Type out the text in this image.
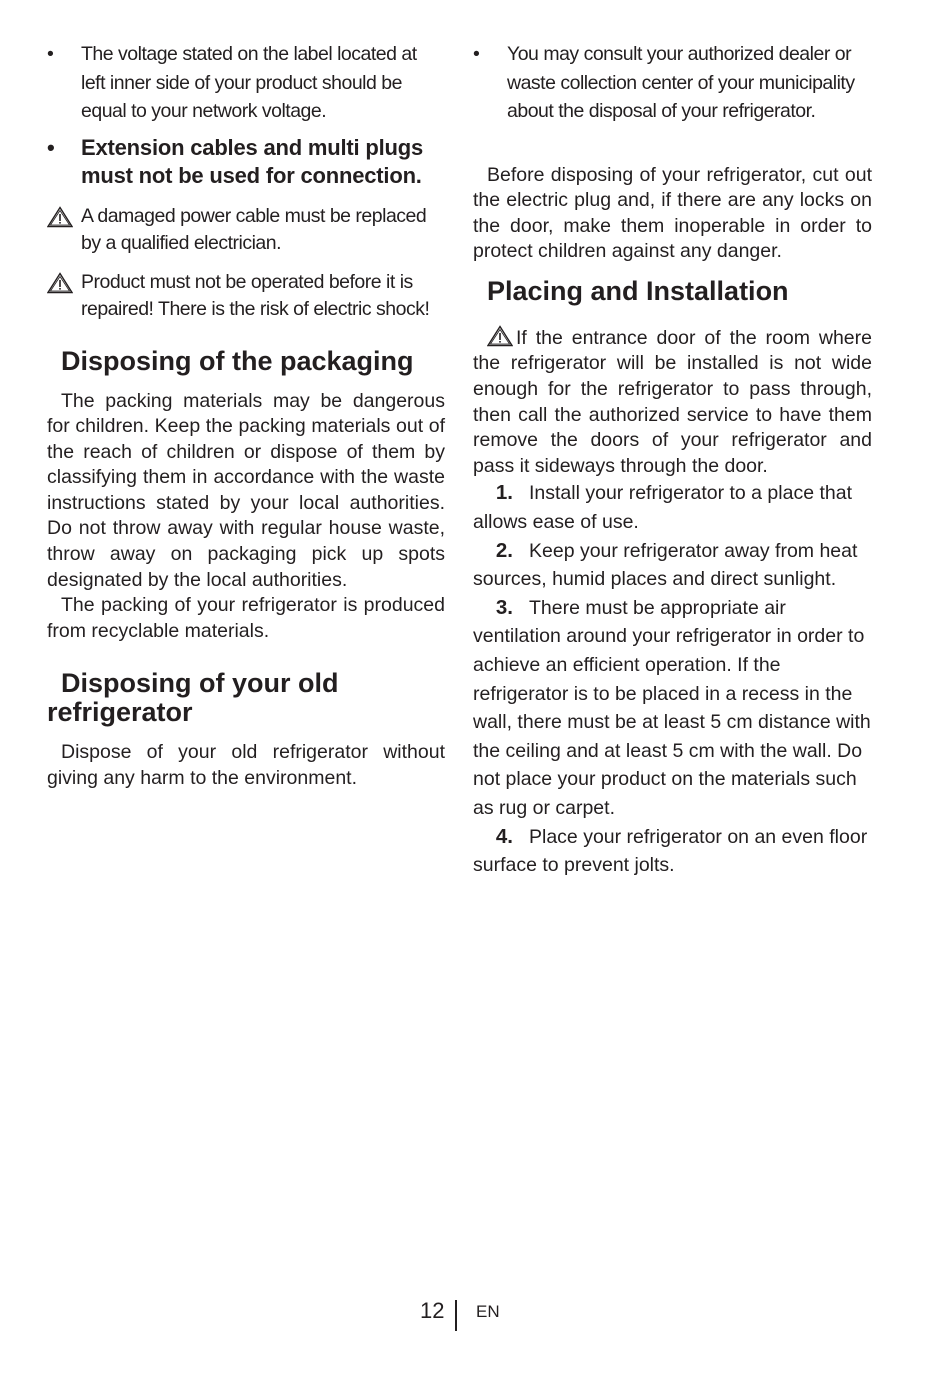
• The voltage stated on the label located at left inner side of your product should be equal to your network voltage.
• Extension cables and multi plugs must not be used for connection.
A damaged power cable must be replaced by a qualified electrician.
Product must not be operated before it is repaired! There is the risk of electric shock!
Disposing of the packaging

The packing materials may be dangerous for children. Keep the packing materials out of the reach of children or dispose of them by classifying them in accordance with the waste instructions stated by your local authorities. Do not throw away with regular house waste, throw away on packaging pick up spots designated by the local authorities.

The packing of your refrigerator is produced from recyclable materials.

Disposing of your old refrigerator

Dispose of your old refrigerator without giving any harm to the environment.

• You may consult your authorized dealer or waste collection center of your municipality about the disposal of your refrigerator.

Before disposing of your refrigerator, cut out the electric plug and, if there are any locks on the door, make them inoperable in order to protect children against any danger.

Placing and Installation

If the entrance door of the room where the refrigerator will be installed is not wide enough for the refrigerator to pass through, then call the authorized service to have them remove the doors of your refrigerator and pass it sideways through the door.

1. Install your refrigerator to a place that allows ease of use.

2. Keep your refrigerator away from heat sources, humid places and direct sunlight.

3. There must be appropriate air ventilation around your refrigerator in order to achieve an efficient operation. If the refrigerator is to be placed in a recess in the wall, there must be at least 5 cm distance with the ceiling and at least 5 cm with the wall. Do not place your product on the materials such as rug or carpet.

4. Place your refrigerator on an even floor surface to prevent jolts.

12 EN
